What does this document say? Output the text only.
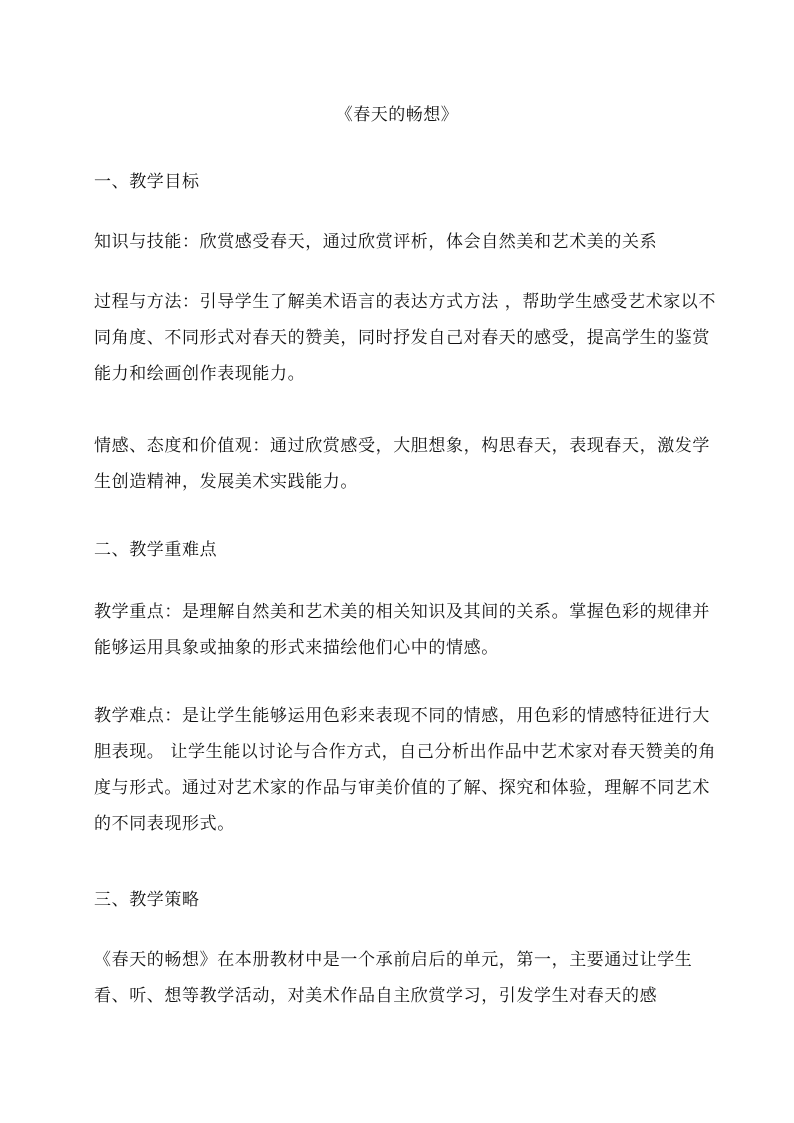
《春天的畅想》

一、教学目标

知识与技能：欣赏感受春天，通过欣赏评析，体会自然美和艺术美的关系

过程与方法：引导学生了解美术语言的表达方式方法 ，帮助学生感受艺术家以不同角度、不同形式对春天的赞美，同时抒发自己对春天的感受，提高学生的鉴赏能力和绘画创作表现能力。

情感、态度和价值观：通过欣赏感受，大胆想象，构思春天，表现春天，激发学生创造精神，发展美术实践能力。

二、教学重难点

教学重点：是理解自然美和艺术美的相关知识及其间的关系。掌握色彩的规律并能够运用具象或抽象的形式来描绘他们心中的情感。

教学难点：是让学生能够运用色彩来表现不同的情感，用色彩的情感特征进行大胆表现。 让学生能以讨论与合作方式，自己分析出作品中艺术家对春天赞美的角度与形式。通过对艺术家的作品与审美价值的了解、探究和体验，理解不同艺术的不同表现形式。

三、教学策略

《春天的畅想》在本册教材中是一个承前启后的单元，第一，主要通过让学生看、听、想等教学活动，对美术作品自主欣赏学习，引发学生对春天的感
